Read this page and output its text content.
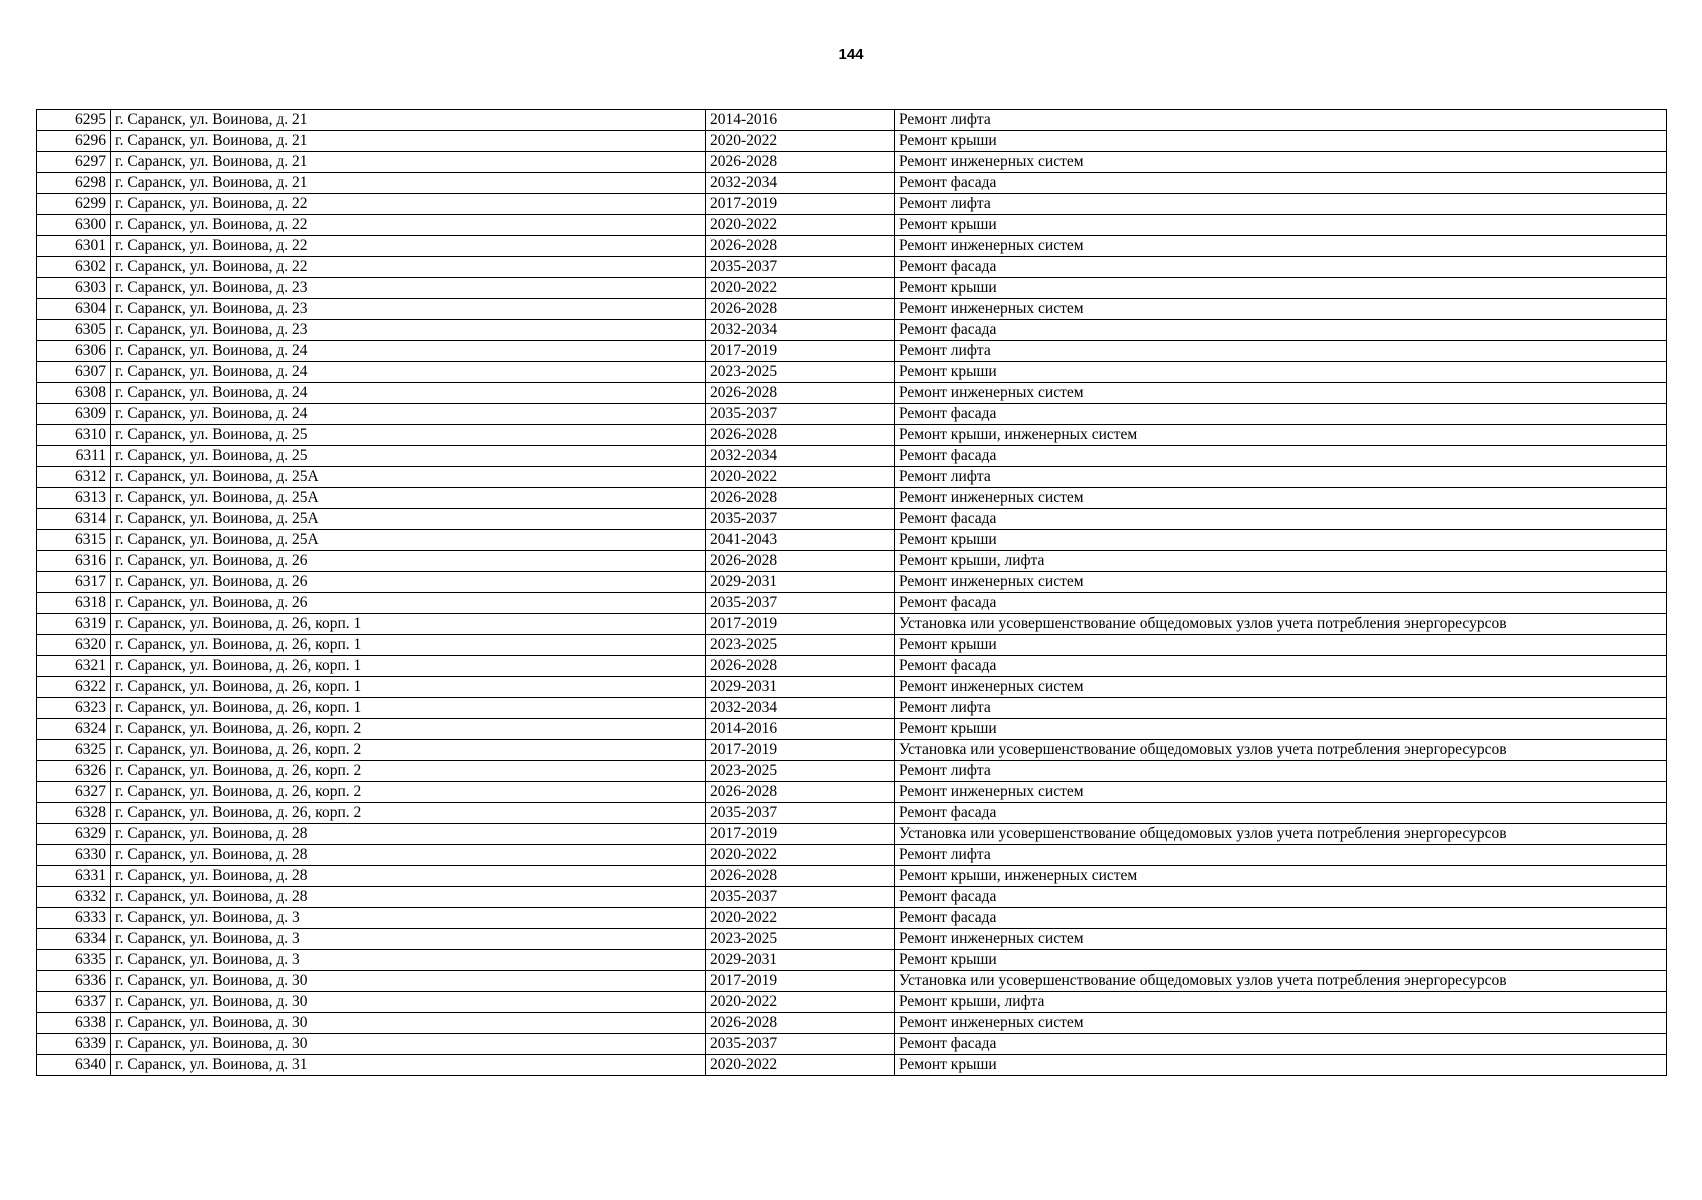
144
6295	г. Саранск, ул. Воинова, д. 21	2014-2016	Ремонт лифта
6296	г. Саранск, ул. Воинова, д. 21	2020-2022	Ремонт крыши
6297	г. Саранск, ул. Воинова, д. 21	2026-2028	Ремонт инженерных систем
6298	г. Саранск, ул. Воинова, д. 21	2032-2034	Ремонт фасада
6299	г. Саранск, ул. Воинова, д. 22	2017-2019	Ремонт лифта
6300	г. Саранск, ул. Воинова, д. 22	2020-2022	Ремонт крыши
6301	г. Саранск, ул. Воинова, д. 22	2026-2028	Ремонт инженерных систем
6302	г. Саранск, ул. Воинова, д. 22	2035-2037	Ремонт фасада
6303	г. Саранск, ул. Воинова, д. 23	2020-2022	Ремонт крыши
6304	г. Саранск, ул. Воинова, д. 23	2026-2028	Ремонт инженерных систем
6305	г. Саранск, ул. Воинова, д. 23	2032-2034	Ремонт фасада
6306	г. Саранск, ул. Воинова, д. 24	2017-2019	Ремонт лифта
6307	г. Саранск, ул. Воинова, д. 24	2023-2025	Ремонт крыши
6308	г. Саранск, ул. Воинова, д. 24	2026-2028	Ремонт инженерных систем
6309	г. Саранск, ул. Воинова, д. 24	2035-2037	Ремонт фасада
6310	г. Саранск, ул. Воинова, д. 25	2026-2028	Ремонт крыши, инженерных систем
6311	г. Саранск, ул. Воинова, д. 25	2032-2034	Ремонт фасада
6312	г. Саранск, ул. Воинова, д. 25А	2020-2022	Ремонт лифта
6313	г. Саранск, ул. Воинова, д. 25А	2026-2028	Ремонт инженерных систем
6314	г. Саранск, ул. Воинова, д. 25А	2035-2037	Ремонт фасада
6315	г. Саранск, ул. Воинова, д. 25А	2041-2043	Ремонт крыши
6316	г. Саранск, ул. Воинова, д. 26	2026-2028	Ремонт крыши, лифта
6317	г. Саранск, ул. Воинова, д. 26	2029-2031	Ремонт инженерных систем
6318	г. Саранск, ул. Воинова, д. 26	2035-2037	Ремонт фасада
6319	г. Саранск, ул. Воинова, д. 26, корп. 1	2017-2019	Установка или усовершенствование общедомовых узлов учета потребления энергоресурсов
6320	г. Саранск, ул. Воинова, д. 26, корп. 1	2023-2025	Ремонт крыши
6321	г. Саранск, ул. Воинова, д. 26, корп. 1	2026-2028	Ремонт фасада
6322	г. Саранск, ул. Воинова, д. 26, корп. 1	2029-2031	Ремонт инженерных систем
6323	г. Саранск, ул. Воинова, д. 26, корп. 1	2032-2034	Ремонт лифта
6324	г. Саранск, ул. Воинова, д. 26, корп. 2	2014-2016	Ремонт крыши
6325	г. Саранск, ул. Воинова, д. 26, корп. 2	2017-2019	Установка или усовершенствование общедомовых узлов учета потребления энергоресурсов
6326	г. Саранск, ул. Воинова, д. 26, корп. 2	2023-2025	Ремонт лифта
6327	г. Саранск, ул. Воинова, д. 26, корп. 2	2026-2028	Ремонт инженерных систем
6328	г. Саранск, ул. Воинова, д. 26, корп. 2	2035-2037	Ремонт фасада
6329	г. Саранск, ул. Воинова, д. 28	2017-2019	Установка или усовершенствование общедомовых узлов учета потребления энергоресурсов
6330	г. Саранск, ул. Воинова, д. 28	2020-2022	Ремонт лифта
6331	г. Саранск, ул. Воинова, д. 28	2026-2028	Ремонт крыши, инженерных систем
6332	г. Саранск, ул. Воинова, д. 28	2035-2037	Ремонт фасада
6333	г. Саранск, ул. Воинова, д. 3	2020-2022	Ремонт фасада
6334	г. Саранск, ул. Воинова, д. 3	2023-2025	Ремонт инженерных систем
6335	г. Саранск, ул. Воинова, д. 3	2029-2031	Ремонт крыши
6336	г. Саранск, ул. Воинова, д. 30	2017-2019	Установка или усовершенствование общедомовых узлов учета потребления энергоресурсов
6337	г. Саранск, ул. Воинова, д. 30	2020-2022	Ремонт крыши, лифта
6338	г. Саранск, ул. Воинова, д. 30	2026-2028	Ремонт инженерных систем
6339	г. Саранск, ул. Воинова, д. 30	2035-2037	Ремонт фасада
6340	г. Саранск, ул. Воинова, д. 31	2020-2022	Ремонт крыши
